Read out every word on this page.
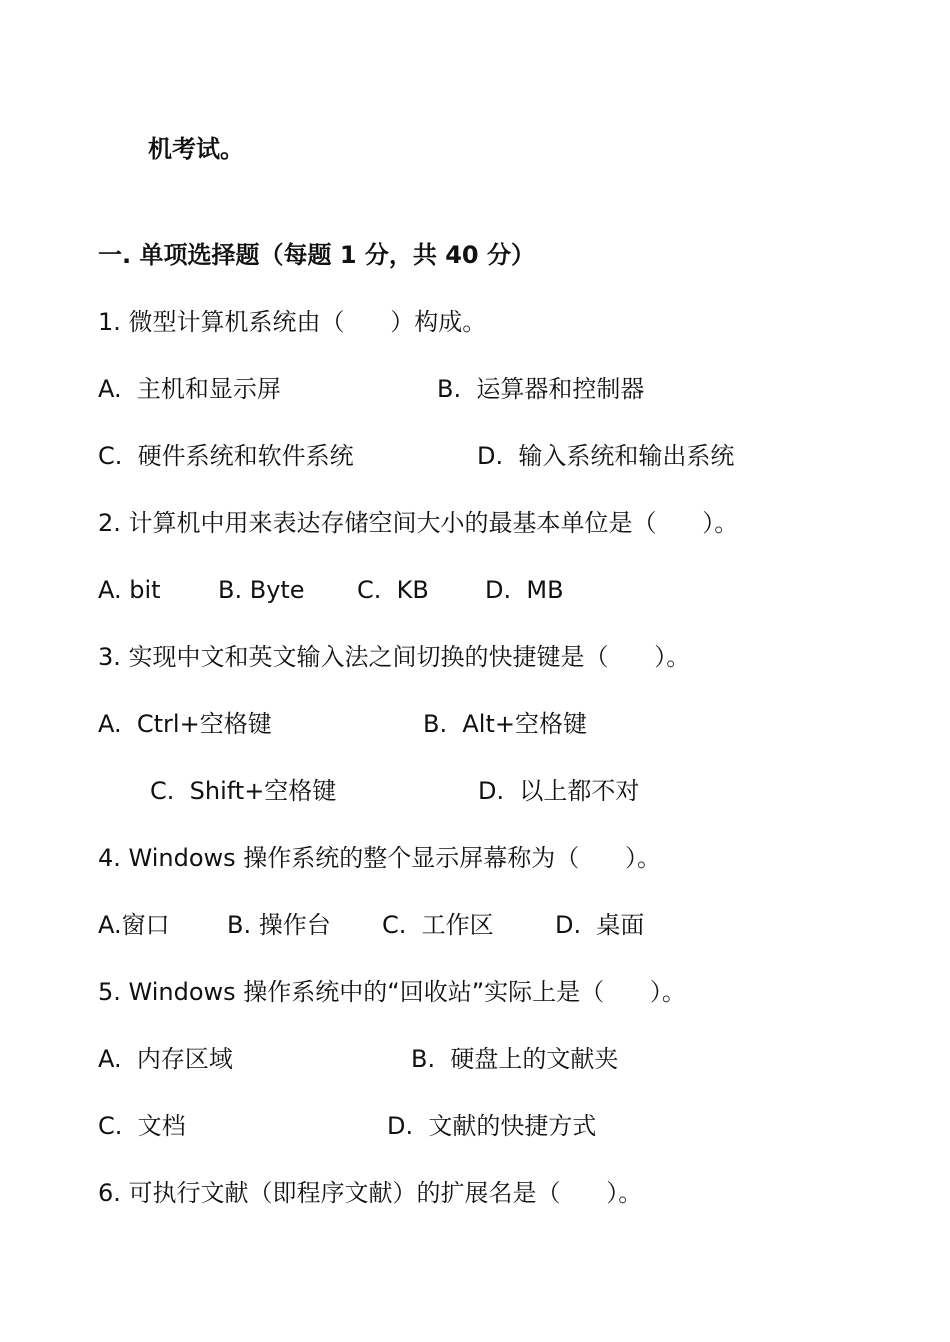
机考试。
一. 单项选择题（每题 1 分，共 40 分）
1. 微型计算机系统由（      ）构成。
A.  主机和显示屏	B.  运算器和控制器
C.  硬件系统和软件系统	D.  输入系统和输出系统
2. 计算机中用来表达存储空间大小的最基本单位是（      ）。
A. bit B. Byte C.  KB D.  MB
3. 实现中文和英文输入法之间切换的快捷键是（      ）。
A.  Ctrl+空格键	B.  Alt+空格键
C.  Shift+空格键	D.  以上都不对
4. Windows 操作系统的整个显示屏幕称为（      ）。
A.窗口 B. 操作台 C.  工作区	D.  桌面
5. Windows 操作系统中的“回收站”实际上是（      ）。
A.  内存区域	B.  硬盘上的文献夹
C.  文档	D.  文献的快捷方式
6. 可执行文献（即程序文献）的扩展名是（      ）。
